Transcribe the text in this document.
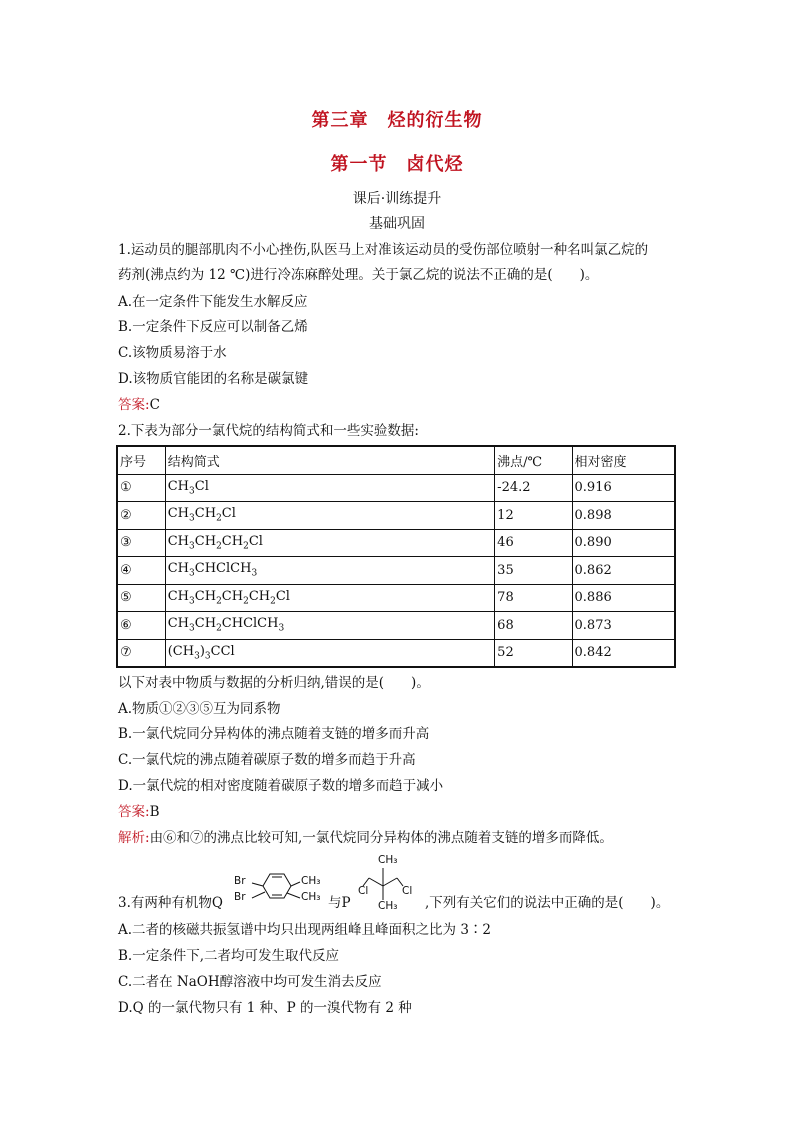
第三章　烃的衍生物
第一节　卤代烃
课后·训练提升
基础巩固
1.运动员的腿部肌肉不小心挫伤,队医马上对准该运动员的受伤部位喷射一种名叫氯乙烷的
药剂(沸点约为 12 ℃)进行冷冻麻醉处理。关于氯乙烷的说法不正确的是(　　)。
A.在一定条件下能发生水解反应
B.一定条件下反应可以制备乙烯
C.该物质易溶于水
D.该物质官能团的名称是碳氯键
答案:C
2.下表为部分一氯代烷的结构简式和一些实验数据:
序号	结构简式	沸点/℃	相对密度
①	$CH_3Cl$	-24.2	0.916
②	$CH_3CH_2Cl$	12	0.898
③	$CH_3CH_2CH_2Cl$	46	0.890
④	$CH_3CHClCH_3$	35	0.862
⑤	$CH_3CH_2CH_2CH_2Cl$	78	0.886
⑥	$CH_3CH_2CHClCH_3$	68	0.873
⑦	$(CH_3)_3CCl$	52	0.842
以下对表中物质与数据的分析归纳,错误的是(　　)。
A.物质①②③⑤互为同系物
B.一氯代烷同分异构体的沸点随着支链的增多而升高
C.一氯代烷的沸点随着碳原子数的增多而趋于升高
D.一氯代烷的相对密度随着碳原子数的增多而趋于减小
答案:B
解析:由⑥和⑦的沸点比较可知,一氯代烷同分异构体的沸点随着支链的增多而降低。
3.有两种有机物Q
Br
Br
CH₃
CH₃ 与P
CH₃
Cl	Cl
CH₃ ,下列有关它们的说法中正确的是(　　)。
A.二者的核磁共振氢谱中均只出现两组峰且峰面积之比为 3∶2
B.一定条件下,二者均可发生取代反应
C.二者在 NaOH醇溶液中均可发生消去反应
D.Q 的一氯代物只有 1 种、P 的一溴代物有 2 种
